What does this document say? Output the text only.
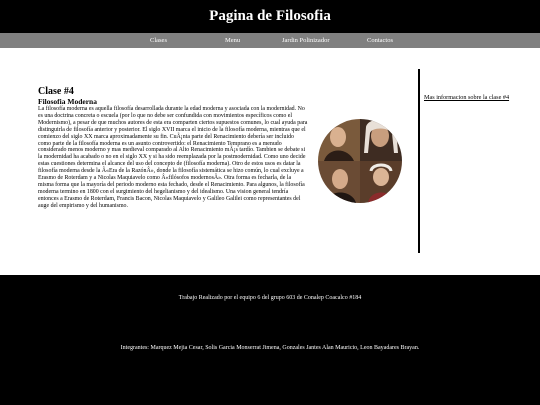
Pagina de Filosofia
Clases	Menu	Jardin Polinizador	Contactos
Clase #4
Filosofia Moderna

La filosofía moderna es aquella filosofía desarrollada durante la edad moderna y asociada con la modernidad. No es una doctrina concreta o escuela (por lo que no debe ser confundida con movimientos específicos como el Modernismo), a pesar de que muchos autores de esta era comparten ciertos supuestos comunes, lo cual ayuda para distinguirla de filosofía anterior y posterior. El siglo XVII marca el inicio de la filosofía moderna, mientras que el comienzo del siglo XX marca aproximadamente su fin. CuÃ¡nta parte del Renacimiento debería ser incluido como parte de la filosofía moderna es un asunto controvertido: el Renacimiento Temprano es a menudo considerado menos moderno y mas medieval comparado al Alto Renacimiento mÃ¡s tardío. Tambien se debate si la modernidad ha acabado o no en el siglo XX y si ha sido reemplazada por la postmodernidad. Como uno decide estas cuestiones determina el alcance del uso del concepto de (filosofía moderna). Otro de estos usos es datar la filosofía moderna desde la Â«Era de la RazónÂ», donde la filosofía sistemática se hizo común, lo cual excluye a Erasmo de Roterdam y a Nicolas Maquiavelo como Â«filósofos modernosÂ». Otra forma es fecharla, de la misma forma que la mayoría del periodo moderno esta fechado, desde el Renacimiento. Para algunos, la filosofía moderna termino en 1800 con el surgimiento del hegelianismo y del idealismo. Una vision general tendría entonces a Erasmo de Roterdam, Francis Bacon, Nicolas Maquiavelo y Galileo Galilei como representantes del auge del empirismo y del humanismo.

Mas informacion sobre la clase #4
Trabajo Realizado por el equipo 6 del grupo 603 de Conalep Coacalco #184
Integrantes: Marquez Mejia Cesar, Solis Garcia Monserrat Jimena, Gonzales Jantes Alan Mauricio, Leon Bayadares Brayan.
